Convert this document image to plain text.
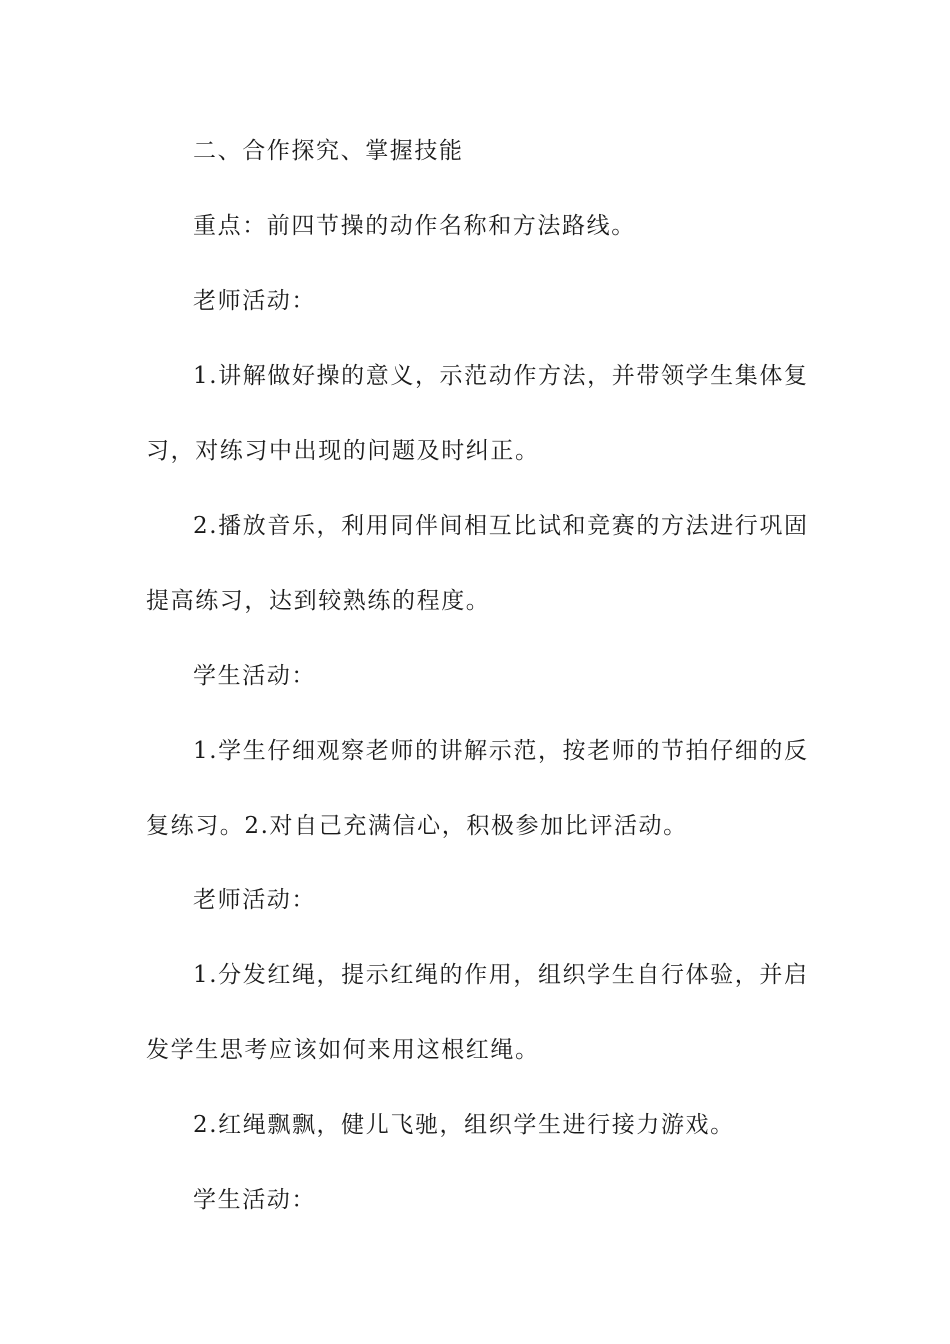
二、合作探究、掌握技能
重点：前四节操的动作名称和方法路线。
老师活动：
1.讲解做好操的意义，示范动作方法，并带领学生集体复
习，对练习中出现的问题及时纠正。
2.播放音乐，利用同伴间相互比试和竞赛的方法进行巩固
提高练习，达到较熟练的程度。
学生活动：
1.学生仔细观察老师的讲解示范，按老师的节拍仔细的反
复练习。2.对自己充满信心，积极参加比评活动。
老师活动：
1.分发红绳，提示红绳的作用，组织学生自行体验，并启
发学生思考应该如何来用这根红绳。
2.红绳飘飘，健儿飞驰，组织学生进行接力游戏。
学生活动：
